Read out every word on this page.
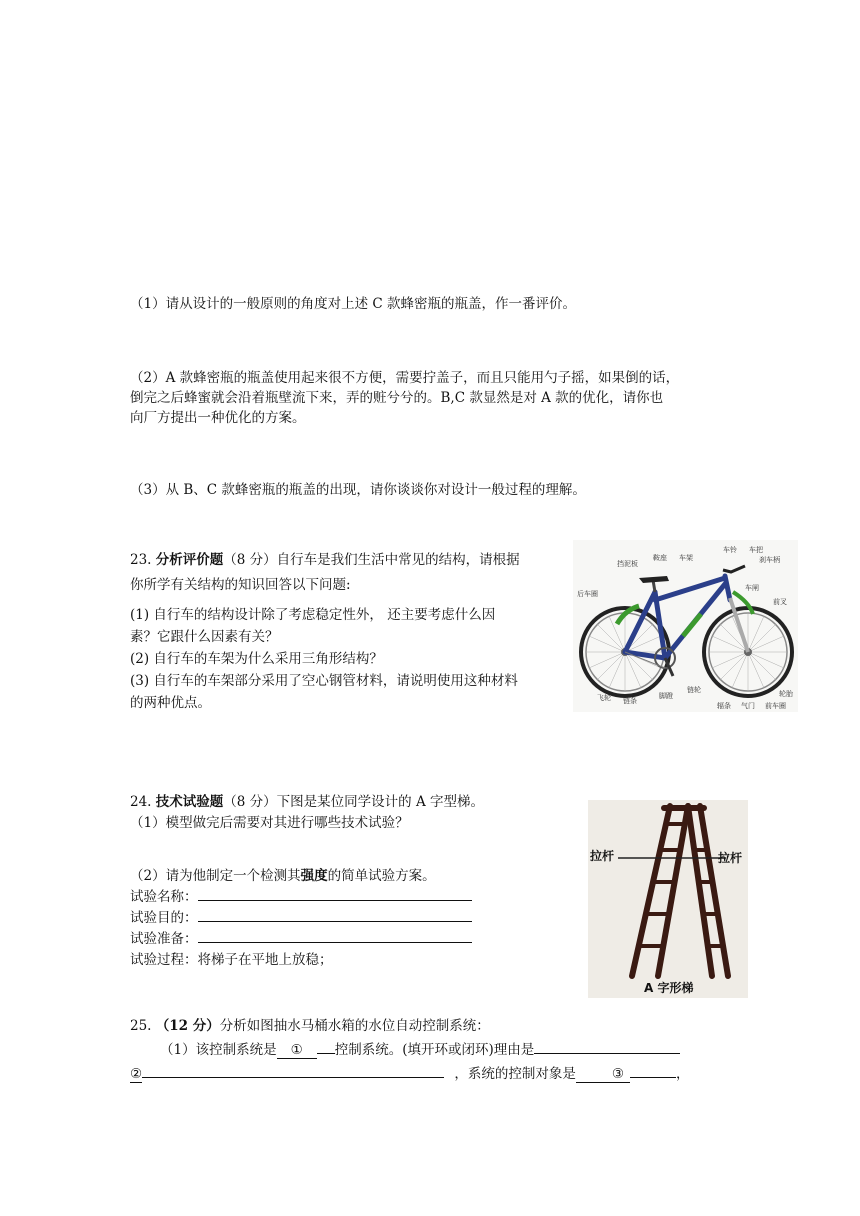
（1）请从设计的一般原则的角度对上述 C 款蜂密瓶的瓶盖，作一番评价。
（2）A 款蜂密瓶的瓶盖使用起来很不方便，需要拧盖子，而且只能用勺子摇，如果倒的话，
倒完之后蜂蜜就会沿着瓶壁流下来，弄的赃兮兮的。B,C 款显然是对 A 款的优化，请你也
向厂方提出一种优化的方案。
（3）从 B、C 款蜂密瓶的瓶盖的出现，请你谈谈你对设计一般过程的理解。
23. 分析评价题（8 分）自行车是我们生活中常见的结构，请根据
你所学有关结构的知识回答以下问题:
(1) 自行车的结构设计除了考虑稳定性外， 还主要考虑什么因
素？它跟什么因素有关？
(2) 自行车的车架为什么采用三角形结构？
(3) 自行车的车架部分采用了空心钢管材料，请说明使用这种材料
的两种优点。
车铃 车把
刹车柄
挡泥板
鞍座 车架
后车圈
车闸
前叉
飞轮 链条
脚蹬
链轮
辐条 气门 前车圈
轮胎
24. 技术试验题（8 分）下图是某位同学设计的 A 字型梯。
（1）模型做完后需要对其进行哪些技术试验？
（2）请为他制定一个检测其强度的简单试验方案。
试验名称：
试验目的：
试验准备：
试验过程：将梯子在平地上放稳；
拉杆	拉杆
A 字形梯
25. （12 分）分析如图抽水马桶水箱的水位自动控制系统：
（1）该控制系统是 ① 控制系统。(填开环或闭环)理由是
②	，系统的控制对象是	③	，
